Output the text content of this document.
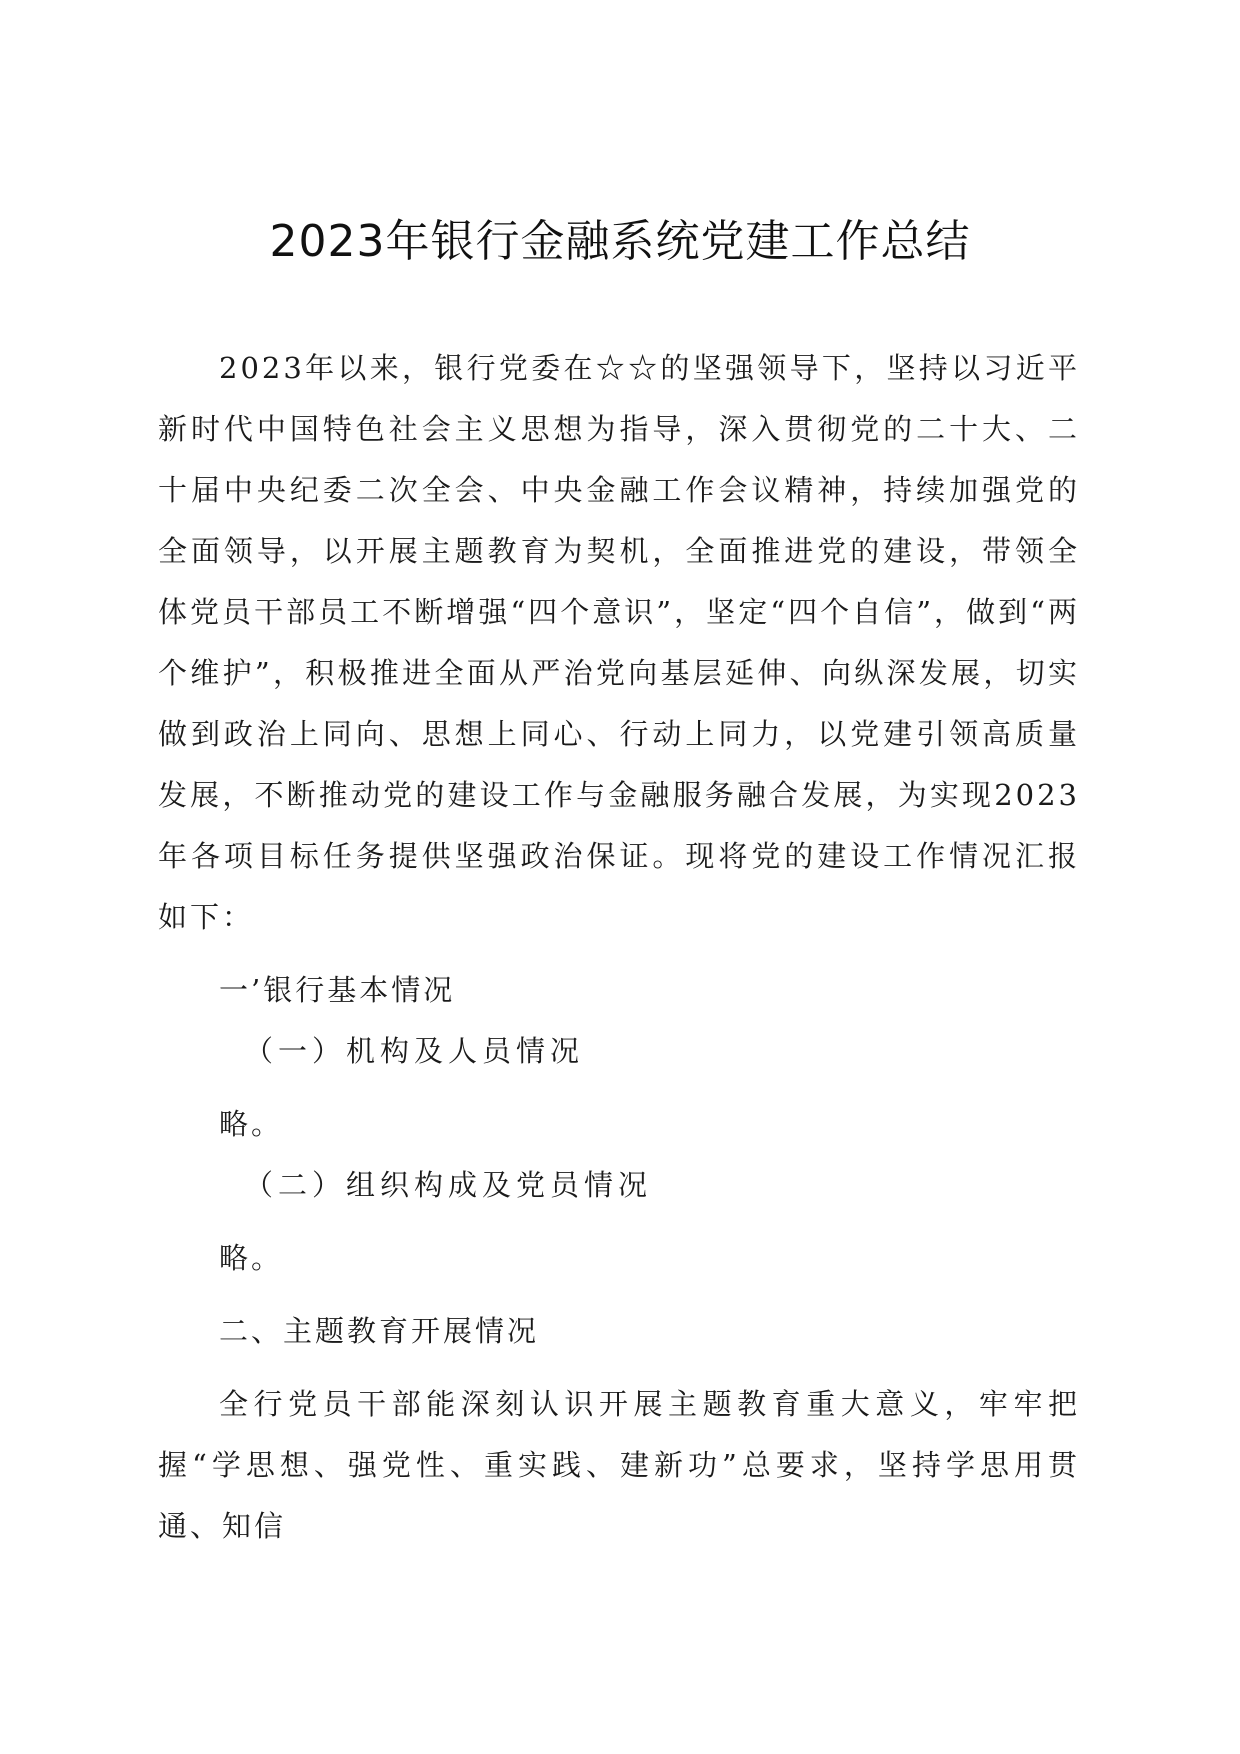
2023年银行金融系统党建工作总结

2023年以来，银行党委在☆☆的坚强领导下，坚持以习近平新时代中国特色社会主义思想为指导，深入贯彻党的二十大、二十届中央纪委二次全会、中央金融工作会议精神，持续加强党的全面领导，以开展主题教育为契机，全面推进党的建设，带领全体党员干部员工不断增强“四个意识”，坚定“四个自信”，做到“两个维护”，积极推进全面从严治党向基层延伸、向纵深发展，切实做到政治上同向、思想上同心、行动上同力，以党建引领高质量发展，不断推动党的建设工作与金融服务融合发展，为实现2023年各项目标任务提供坚强政治保证。现将党的建设工作情况汇报如下：

一’银行基本情况

（一）机构及人员情况

略。

（二）组织构成及党员情况

略。

二、主题教育开展情况

全行党员干部能深刻认识开展主题教育重大意义，牢牢把握“学思想、强党性、重实践、建新功”总要求，坚持学思用贯通、知信
